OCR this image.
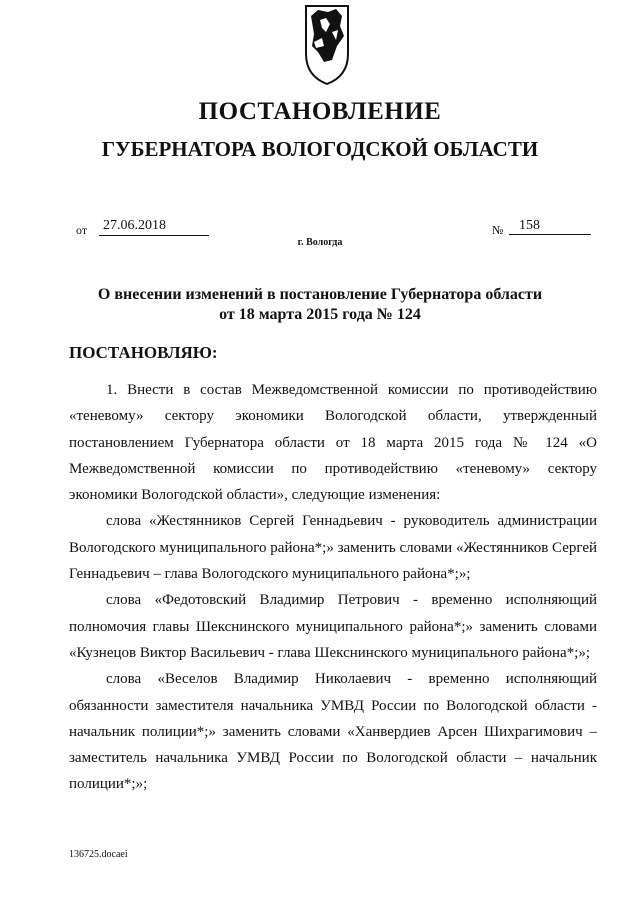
ПОСТАНОВЛЕНИЕ
ГУБЕРНАТОРА ВОЛОГОДСКОЙ ОБЛАСТИ
от 27.06.2018	№	158
г. Вологда
О внесении изменений в постановление Губернатора области
от 18 марта 2015 года № 124
ПОСТАНОВЛЯЮ:

1. Внести в состав Межведомственной комиссии по противодействию «теневому» сектору экономики Вологодской области, утвержденный постановлением Губернатора области от 18 марта 2015 года № 124 «О Межведомственной комиссии по противодействию «теневому» сектору экономики Вологодской области», следующие изменения:

слова «Жестянников Сергей Геннадьевич - руководитель администрации Вологодского муниципального района*;» заменить словами «Жестянников Сергей Геннадьевич – глава Вологодского муниципального района*;»;

слова «Федотовский Владимир Петрович - временно исполняющий полномочия главы Шекснинского муниципального района*;» заменить словами «Кузнецов Виктор Васильевич - глава Шекснинского муниципального района*;»;

слова «Веселов Владимир Николаевич - временно исполняющий обязанности заместителя начальника УМВД России по Вологодской области - начальник полиции*;» заменить словами «Ханвердиев Арсен Шихрагимович – заместитель начальника УМВД России по Вологодской области – начальник полиции*;»;

136725.docaei
